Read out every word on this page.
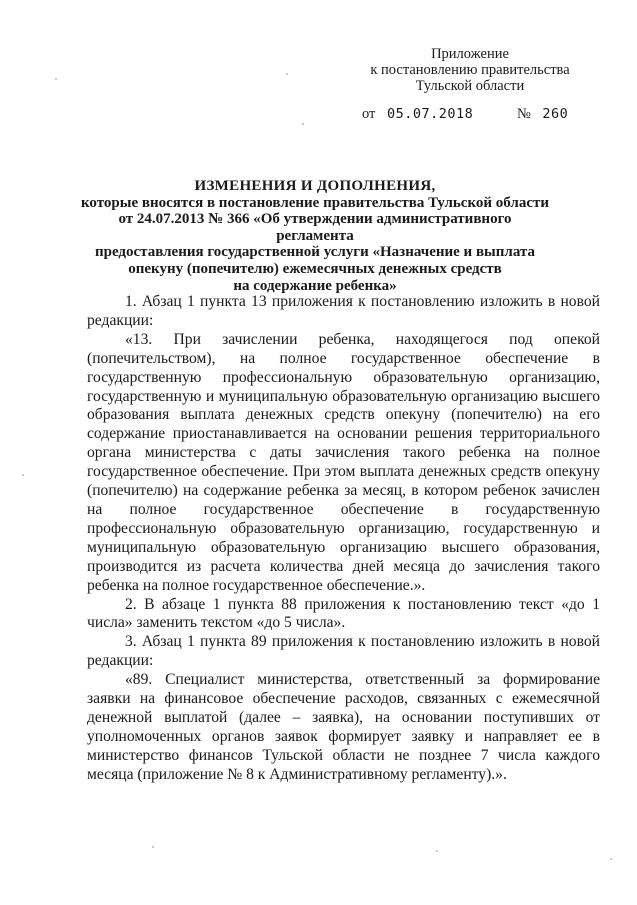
Приложение
к постановлению правительства
Тульской области
от 05.07.2018	№ 260
ИЗМЕНЕНИЯ И ДОПОЛНЕНИЯ,
которые вносятся в постановление правительства Тульской области
от 24.07.2013 № 366 «Об утверждении административного регламента
предоставления государственной услуги «Назначение и выплата
опекуну (попечителю) ежемесячных денежных средств
на содержание ребенка»

1. Абзац 1 пункта 13 приложения к постановлению изложить в новой редакции:

«13. При зачислении ребенка, находящегося под опекой (попечительством), на полное государственное обеспечение в государственную профессиональную образовательную организацию, государственную и муниципальную образовательную организацию высшего образования выплата денежных средств опекуну (попечителю) на его содержание приостанавливается на основании решения территориального органа министерства с даты зачисления такого ребенка на полное государственное обеспечение. При этом выплата денежных средств опекуну (попечителю) на содержание ребенка за месяц, в котором ребенок зачислен на полное государственное обеспечение в государственную профессиональную образовательную организацию, государственную и муниципальную образовательную организацию высшего образования, производится из расчета количества дней месяца до зачисления такого ребенка на полное государственное обеспечение.».

2. В абзаце 1 пункта 88 приложения к постановлению текст «до 1 числа» заменить текстом «до 5 числа».

3. Абзац 1 пункта 89 приложения к постановлению изложить в новой редакции:

«89. Специалист министерства, ответственный за формирование заявки на финансовое обеспечение расходов, связанных с ежемесячной денежной выплатой (далее – заявка), на основании поступивших от уполномоченных органов заявок формирует заявку и направляет ее в министерство финансов Тульской области не позднее 7 числа каждого месяца (приложение № 8 к Административному регламенту).».
